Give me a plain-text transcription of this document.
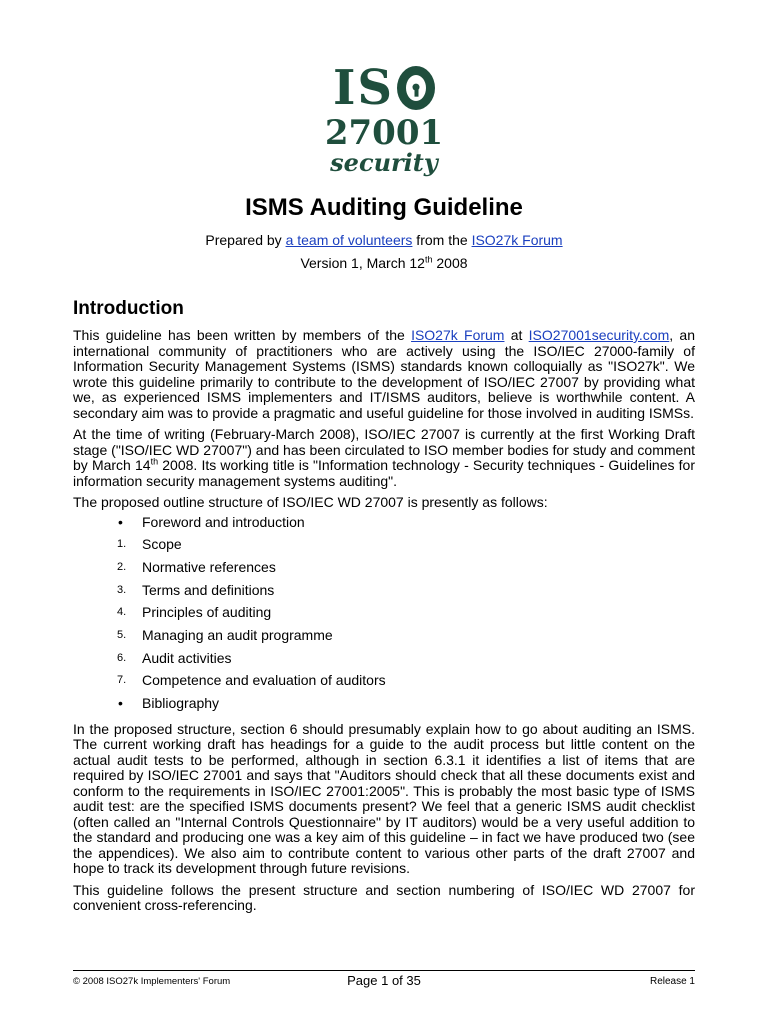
IS
27001
security
ISMS Auditing Guideline
Prepared by a team of volunteers from the ISO27k Forum
Version 1, March 12th 2008
Introduction

This guideline has been written by members of the ISO27k Forum at ISO27001security.com, an international community of practitioners who are actively using the ISO/IEC 27000-family of Information Security Management Systems (ISMS) standards known colloquially as "ISO27k". We wrote this guideline primarily to contribute to the development of ISO/IEC 27007 by providing what we, as experienced ISMS implementers and IT/ISMS auditors, believe is worthwhile content. A secondary aim was to provide a pragmatic and useful guideline for those involved in auditing ISMSs.

At the time of writing (February-March 2008), ISO/IEC 27007 is currently at the first Working Draft stage ("ISO/IEC WD 27007") and has been circulated to ISO member bodies for study and comment by March 14th 2008. Its working title is "Information technology - Security techniques - Guidelines for information security management systems auditing".

The proposed outline structure of ISO/IEC WD 27007 is presently as follows:

• Foreword and introduction
1. Scope
2. Normative references
3. Terms and definitions
4. Principles of auditing
5. Managing an audit programme
6. Audit activities
7. Competence and evaluation of auditors
• Bibliography

In the proposed structure, section 6 should presumably explain how to go about auditing an ISMS. The current working draft has headings for a guide to the audit process but little content on the actual audit tests to be performed, although in section 6.3.1 it identifies a list of items that are required by ISO/IEC 27001 and says that "Auditors should check that all these documents exist and conform to the requirements in ISO/IEC 27001:2005". This is probably the most basic type of ISMS audit test: are the specified ISMS documents present? We feel that a generic ISMS audit checklist (often called an "Internal Controls Questionnaire" by IT auditors) would be a very useful addition to the standard and producing one was a key aim of this guideline – in fact we have produced two (see the appendices). We also aim to contribute content to various other parts of the draft 27007 and hope to track its development through future revisions.

This guideline follows the present structure and section numbering of ISO/IEC WD 27007 for convenient cross-referencing.

© 2008 ISO27k Implementers' Forum	Page 1 of 35	Release 1
